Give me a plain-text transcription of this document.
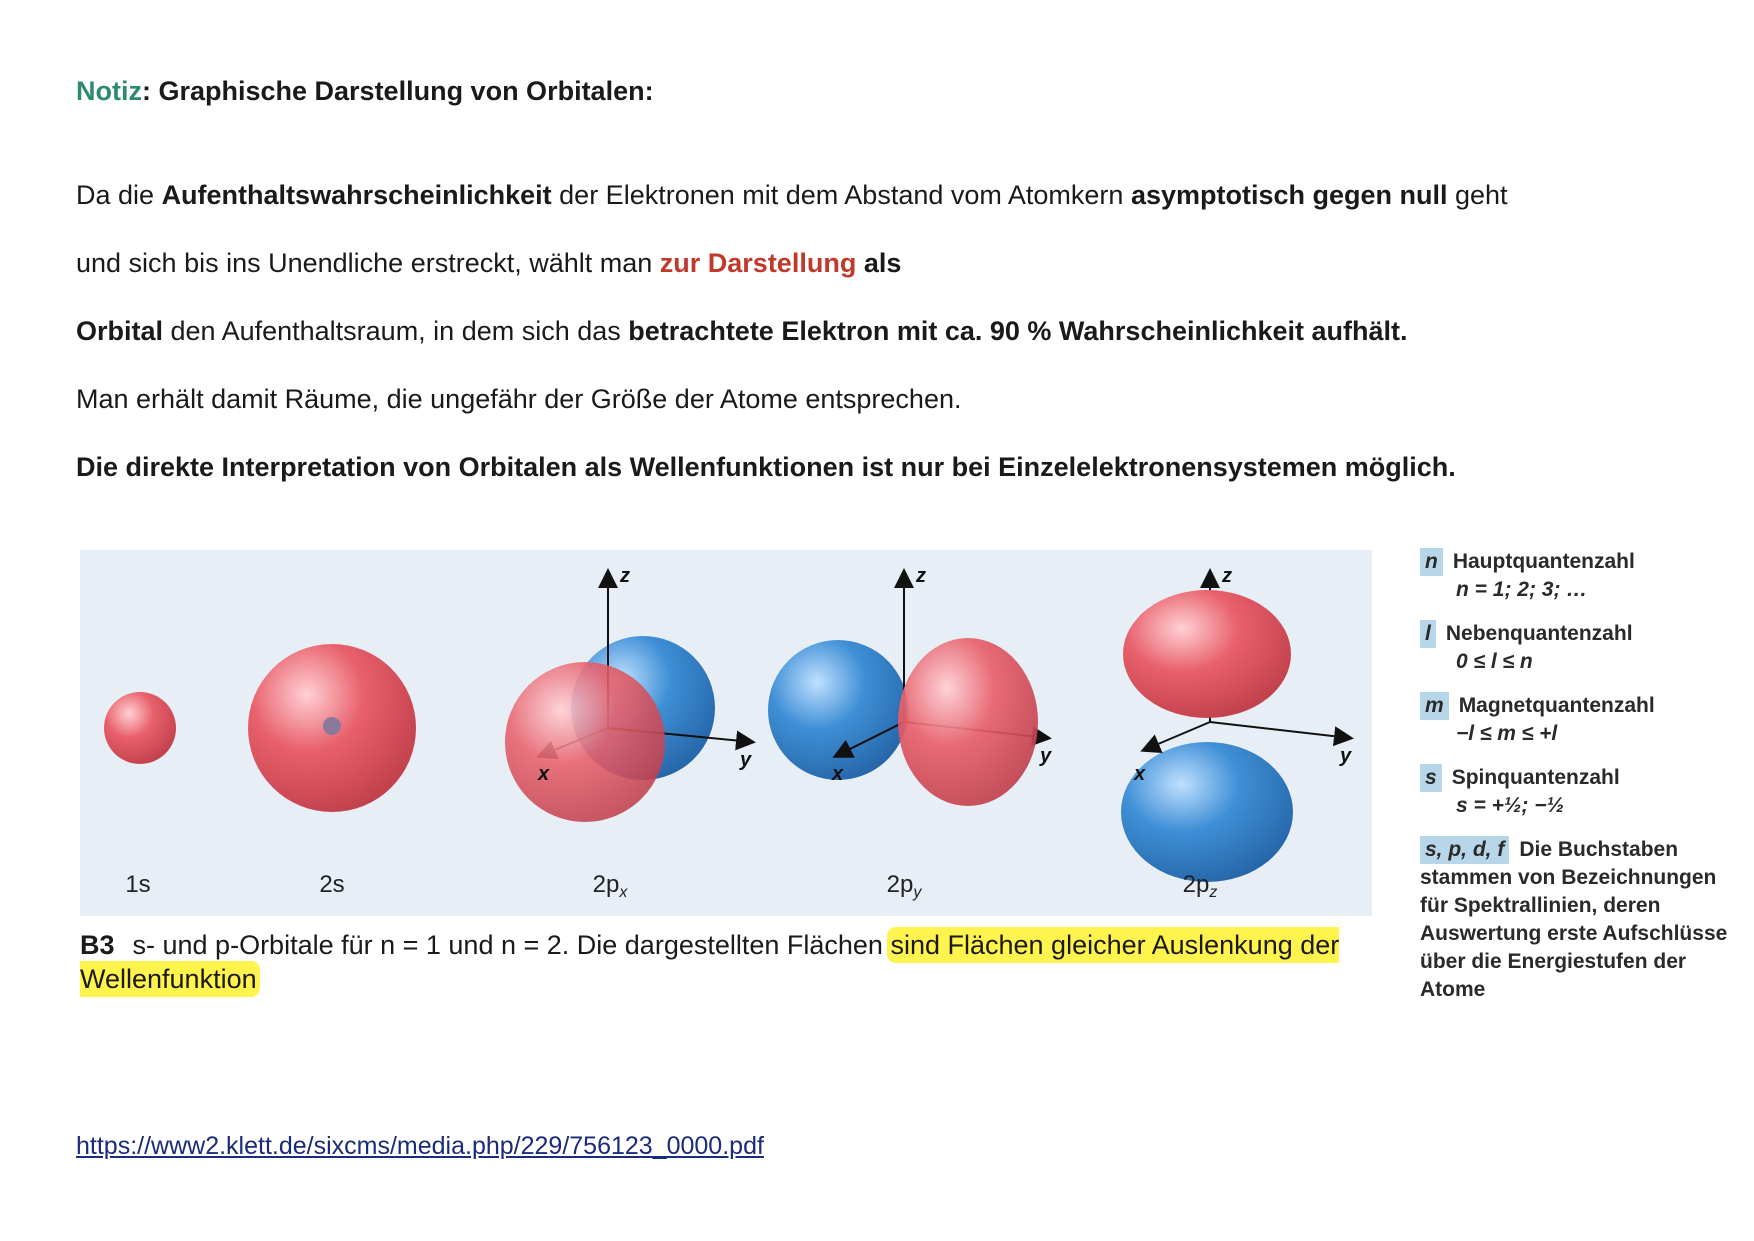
Notiz: Graphische Darstellung von Orbitalen:
Da die Aufenthaltswahrscheinlichkeit der Elektronen mit dem Abstand vom Atomkern asymptotisch gegen null geht
und sich bis ins Unendliche erstreckt, wählt man zur Darstellung als
Orbital den Aufenthaltsraum, in dem sich das betrachtete Elektron mit ca. 90 % Wahrscheinlichkeit aufhält.
Man erhält damit Räume, die ungefähr der Größe der Atome entsprechen.
Die direkte Interpretation von Orbitalen als Wellenfunktionen ist nur bei Einzelelektronensystemen möglich.
z	z	z
x	x	x
y	y	y
1s	2s	$2p_x$	$2p_y$	$2p_z$
B3 s- und p-Orbitale für n = 1 und n = 2. Die dargestellten Flächen sind Flächen gleicher Auslenkung der Wellenfunktion
n Hauptquantenzahl
n = 1; 2; 3; …
l Nebenquantenzahl
0 ≤ l ≤ n
m Magnetquantenzahl
−l ≤ m ≤ +l
s Spinquantenzahl
s = +½; −½
s, p, d, f Die Buchstaben stammen von Bezeichnungen für Spektrallinien, deren Auswertung erste Aufschlüsse über die Energiestufen der Atome
https://www2.klett.de/sixcms/media.php/229/756123_0000.pdf
